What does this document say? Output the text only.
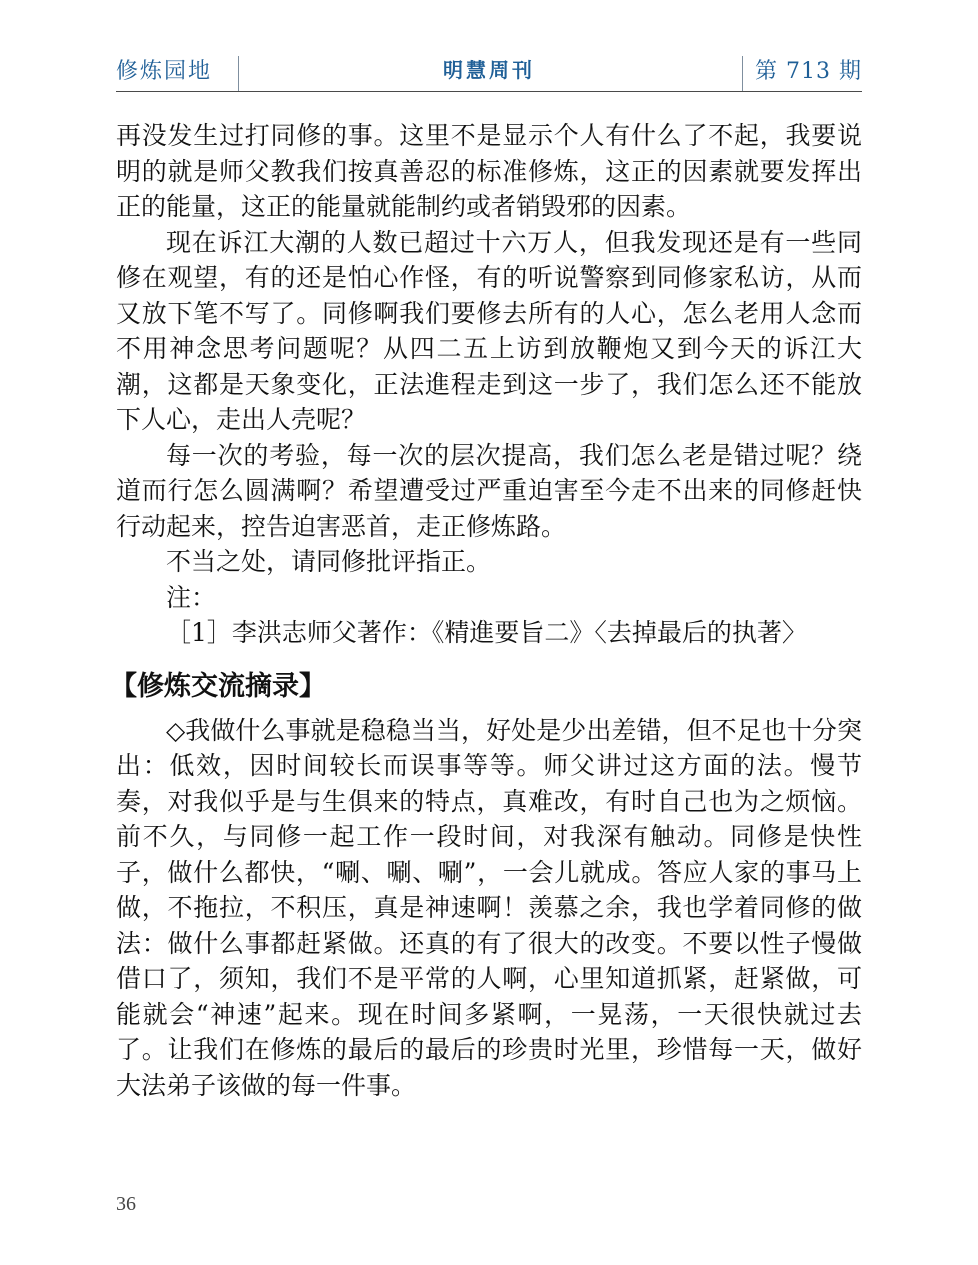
修炼园地	明慧周刊	第 713 期

再没发生过打同修的事。这里不是显示个人有什么了不起，我要说明的就是师父教我们按真善忍的标准修炼，这正的因素就要发挥出正的能量，这正的能量就能制约或者销毁邪的因素。

现在诉江大潮的人数已超过十六万人，但我发现还是有一些同修在观望，有的还是怕心作怪，有的听说警察到同修家私访，从而又放下笔不写了。同修啊我们要修去所有的人心，怎么老用人念而不用神念思考问题呢？从四二五上访到放鞭炮又到今天的诉江大潮，这都是天象变化，正法進程走到这一步了，我们怎么还不能放下人心，走出人壳呢？

每一次的考验，每一次的层次提高，我们怎么老是错过呢？绕道而行怎么圆满啊？希望遭受过严重迫害至今走不出来的同修赶快行动起来，控告迫害恶首，走正修炼路。

不当之处，请同修批评指正。

注：

［1］李洪志师父著作：《精進要旨二》〈去掉最后的执著〉

【修炼交流摘录】

◇我做什么事就是稳稳当当，好处是少出差错，但不足也十分突出：低效，因时间较长而误事等等。师父讲过这方面的法。慢节奏，对我似乎是与生俱来的特点，真难改，有时自己也为之烦恼。前不久，与同修一起工作一段时间，对我深有触动。同修是快性子，做什么都快，“唰、唰、唰”，一会儿就成。答应人家的事马上做，不拖拉，不积压，真是神速啊！羡慕之余，我也学着同修的做法：做什么事都赶紧做。还真的有了很大的改变。不要以性子慢做借口了，须知，我们不是平常的人啊，心里知道抓紧，赶紧做，可能就会“神速”起来。现在时间多紧啊，一晃荡，一天很快就过去了。让我们在修炼的最后的最后的珍贵时光里，珍惜每一天，做好大法弟子该做的每一件事。

36
